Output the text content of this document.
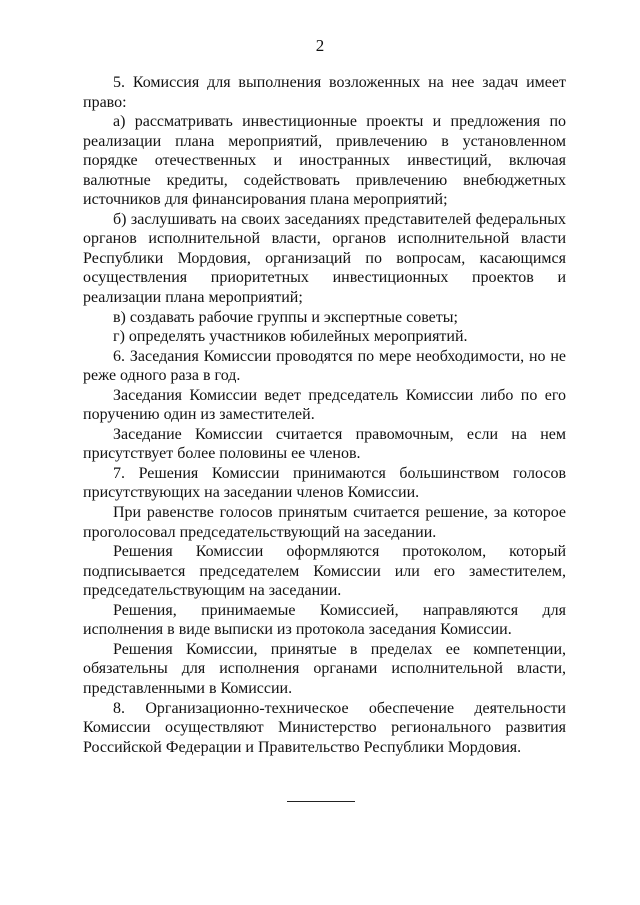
2

5. Комиссия для выполнения возложенных на нее задач имеет право:

а) рассматривать инвестиционные проекты и предложения по реализации плана мероприятий, привлечению в установленном порядке отечественных и иностранных инвестиций, включая валютные кредиты, содействовать привлечению внебюджетных источников для финансирования плана мероприятий;

б) заслушивать на своих заседаниях представителей федеральных органов исполнительной власти, органов исполнительной власти Республики Мордовия, организаций по вопросам, касающимся осуществления приоритетных инвестиционных проектов и реализации плана мероприятий;

в) создавать рабочие группы и экспертные советы;

г) определять участников юбилейных мероприятий.

6. Заседания Комиссии проводятся по мере необходимости, но не реже одного раза в год.

Заседания Комиссии ведет председатель Комиссии либо по его поручению один из заместителей.

Заседание Комиссии считается правомочным, если на нем присутствует более половины ее членов.

7. Решения Комиссии принимаются большинством голосов присутствующих на заседании членов Комиссии.

При равенстве голосов принятым считается решение, за которое проголосовал председательствующий на заседании.

Решения Комиссии оформляются протоколом, который подписывается председателем Комиссии или его заместителем, председательствующим на заседании.

Решения, принимаемые Комиссией, направляются для исполнения в виде выписки из протокола заседания Комиссии.

Решения Комиссии, принятые в пределах ее компетенции, обязательны для исполнения органами исполнительной власти, представленными в Комиссии.

8. Организационно-техническое обеспечение деятельности Комиссии осуществляют Министерство регионального развития Российской Федерации и Правительство Республики Мордовия.
